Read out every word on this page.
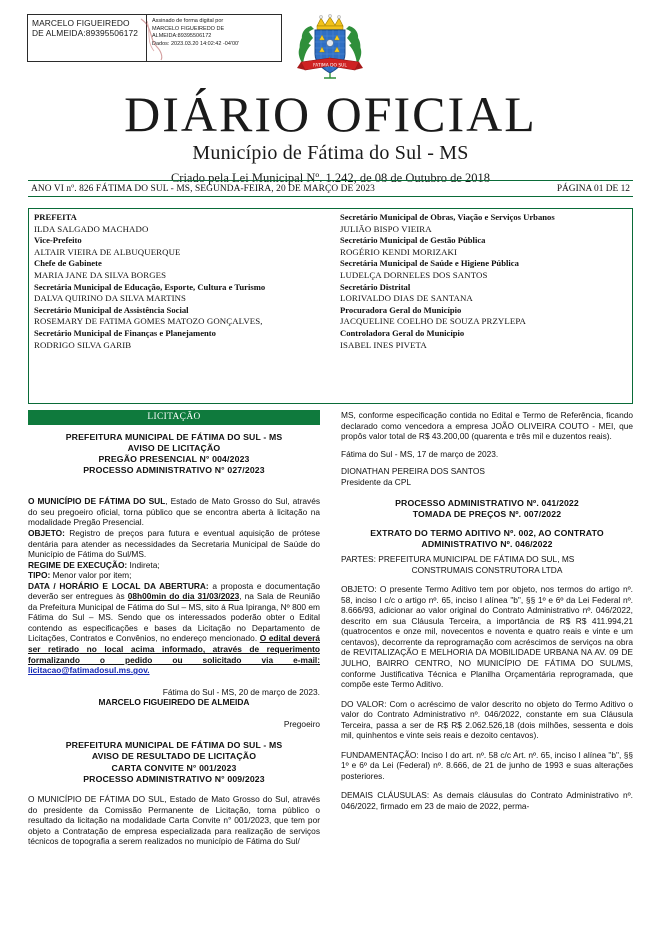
MARCELO FIGUEIREDO DE ALMEIDA:89395506172
Assinado de forma digital por
MARCELO FIGUEIREDO DE
ALMEIDA:89395506172
Dados: 2023.03.20 14:02:42 -04'00'
FATIMA DO SUL
DIÁRIO OFICIAL
Município de Fátima do Sul - MS
Criado pela Lei Municipal Nº. 1.242, de 08 de Outubro de 2018
ANO VI nº. 826 FÁTIMA DO SUL - MS, SEGUNDA-FEIRA, 20 DE MARÇO DE 2023	PÁGINA 01 DE 12
PREFEITA
ILDA SALGADO MACHADO
Vice-Prefeito
ALTAIR VIEIRA DE ALBUQUERQUE
Chefe de Gabinete
MARIA JANE DA SILVA BORGES
Secretária Municipal de Educação, Esporte, Cultura e Turismo
DALVA QUIRINO DA SILVA MARTINS
Secretário Municipal de Assistência Social
ROSEMARY DE FATIMA GOMES MATOZO GONÇALVES,
Secretário Municipal de Finanças e Planejamento
RODRIGO SILVA GARIB
Secretário Municipal de Obras, Viação e Serviços Urbanos
JULIÃO BISPO VIEIRA
Secretário Municipal de Gestão Pública
ROGÉRIO KENDI MORIZAKI
Secretária Municipal de Saúde e Higiene Pública
LUDELÇA DORNELES DOS SANTOS
Secretário Distrital
LORIVALDO DIAS DE SANTANA
Procuradora Geral do Município
JACQUELINE COELHO DE SOUZA PRZYLEPA
Controladora Geral do Município
ISABEL INES PIVETA
LICITAÇÃO
PREFEITURA MUNICIPAL DE FÁTIMA DO SUL - MS
AVISO DE LICITAÇÃO
PREGÃO PRESENCIAL N° 004/2023
PROCESSO ADMINISTRATIVO N° 027/2023
O MUNICÍPIO DE FÁTIMA DO SUL, Estado de Mato Grosso do Sul, através do seu pregoeiro oficial, torna público que se encontra aberta à licitação na modalidade Pregão Presencial.
OBJETO: Registro de preços para futura e eventual aquisição de prótese dentária para atender as necessidades da Secretaria Municipal de Saúde do Município de Fátima do Sul/MS.
REGIME DE EXECUÇÃO: Indireta;
TIPO: Menor valor por item;
DATA / HORÁRIO E LOCAL DA ABERTURA: a proposta e documentação deverão ser entregues às 08h00min do dia 31/03/2023, na Sala de Reunião da Prefeitura Municipal de Fátima do Sul – MS, sito á Rua Ipiranga, Nº 800 em Fátima do Sul – MS. Sendo que os interessados poderão obter o Edital contendo as especificações e bases da Licitação no Departamento de Licitações, Contratos e Convênios, no endereço mencionado. O edital deverá ser retirado no local acima informado, através de requerimento formalizando o pedido ou solicitado via e-mail: licitacao@fatimadosul.ms.gov.
Fátima do Sul - MS, 20 de março de 2023.
MARCELO FIGUEIREDO DE ALMEIDA
Pregoeiro
PREFEITURA MUNICIPAL DE FÁTIMA DO SUL - MS
AVISO DE RESULTADO DE LICITAÇÃO
CARTA CONVITE N° 001/2023
PROCESSO ADMINISTRATIVO N° 009/2023
O MUNICÍPIO DE FÁTIMA DO SUL, Estado de Mato Grosso do Sul, através do presidente da Comissão Permanente de Licitação, torna público o resultado da licitação na modalidade Carta Convite n° 001/2023, que tem por objeto a Contratação de empresa especializada para realização de serviços técnicos de topografia a serem realizados no município de Fátima do Sul/
MS, conforme especificação contida no Edital e Termo de Referência, ficando declarado como vencedora a empresa JOÃO OLIVEIRA COUTO - MEI, que propôs valor total de R$ 43.200,00 (quarenta e três mil e duzentos reais).
Fátima do Sul - MS, 17 de março de 2023.
DIONATHAN PEREIRA DOS SANTOS
Presidente da CPL
PROCESSO ADMINISTRATIVO Nº. 041/2022
TOMADA DE PREÇOS Nº. 007/2022
EXTRATO DO TERMO ADITIVO Nº. 002, AO CONTRATO
ADMINISTRATIVO Nº. 046/2022
PARTES: PREFEITURA MUNICIPAL DE FÁTIMA DO SUL, MS
CONSTRUMAIS CONSTRUTORA LTDA
OBJETO: O presente Termo Aditivo tem por objeto, nos termos do artigo nº. 58, inciso I c/c o artigo nº. 65, inciso I alínea "b", §§ 1º e 6º da Lei Federal nº. 8.666/93, adicionar ao valor original do Contrato Administrativo nº. 046/2022, descrito em sua Cláusula Terceira, a importância de R$ R$ 411.994,21 (quatrocentos e onze mil, novecentos e noventa e quatro reais e vinte e um centavos), decorrente da reprogramação com acréscimos de serviços na obra de REVITALIZAÇÃO E MELHORIA DA MOBILIDADE URBANA NA AV. 09 DE JULHO, BAIRRO CENTRO, NO MUNICÍPIO DE FÁTIMA DO SUL/MS, conforme Justificativa Técnica e Planilha Orçamentária reprogramada, que compõe este Termo Aditivo.
DO VALOR: Com o acréscimo de valor descrito no objeto do Termo Aditivo o valor do Contrato Administrativo nº. 046/2022, constante em sua Cláusula Terceira, passa a ser de R$ R$ 2.062.526,18 (dois milhões, sessenta e dois mil, quinhentos e vinte seis reais e dezoito centavos).
FUNDAMENTAÇÃO: Inciso I do art. nº. 58 c/c Art. nº. 65, inciso I alínea "b", §§ 1º e 6º da Lei (Federal) nº. 8.666, de 21 de junho de 1993 e suas alterações posteriores.
DEMAIS CLÁUSULAS: As demais cláusulas do Contrato Administrativo nº. 046/2022, firmado em 23 de maio de 2022, perma-
